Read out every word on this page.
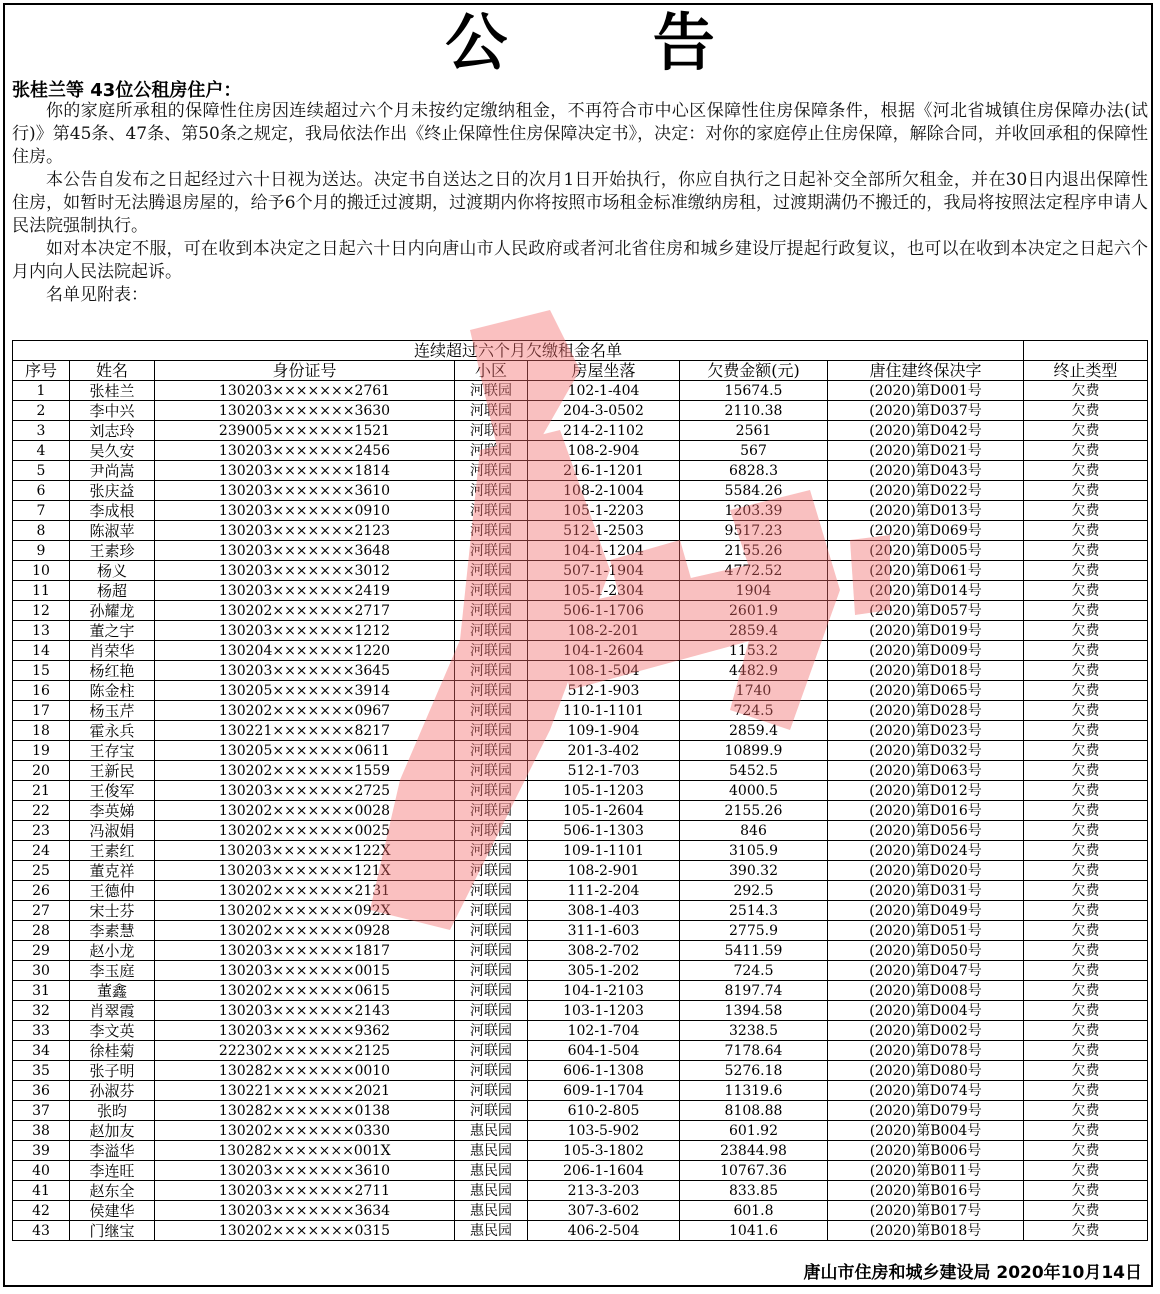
公 告
张桂兰等 43位公租房住户：

你的家庭所承租的保障性住房因连续超过六个月未按约定缴纳租金，不再符合市中心区保障性住房保障条件，根据《河北省城镇住房保障办法(试行)》第45条、47条、第50条之规定，我局依法作出《终止保障性住房保障决定书》，决定：对你的家庭停止住房保障，解除合同，并收回承租的保障性住房。

本公告自发布之日起经过六十日视为送达。决定书自送达之日的次月1日开始执行，你应自执行之日起补交全部所欠租金，并在30日内退出保障性住房，如暂时无法腾退房屋的，给予6个月的搬迁过渡期，过渡期内你将按照市场租金标准缴纳房租，过渡期满仍不搬迁的，我局将按照法定程序申请人民法院强制执行。

如对本决定不服，可在收到本决定之日起六十日内向唐山市人民政府或者河北省住房和城乡建设厅提起行政复议，也可以在收到本决定之日起六个月内向人民法院起诉。

名单见附表：

连续超过六个月欠缴租金名单							
序号	姓名	身份证号	小区	房屋坐落	欠费金额(元)	唐住建终保决字	终止类型
1	张桂兰	130203×××××××2761	河联园	102-1-404	15674.5	(2020)第D001号	欠费
2	李中兴	130203×××××××3630	河联园	204-3-0502	2110.38	(2020)第D037号	欠费
3	刘志玲	239005×××××××1521	河联园	214-2-1102	2561	(2020)第D042号	欠费
4	吴久安	130203×××××××2456	河联园	108-2-904	567	(2020)第D021号	欠费
5	尹尚嵩	130203×××××××1814	河联园	216-1-1201	6828.3	(2020)第D043号	欠费
6	张庆益	130203×××××××3610	河联园	108-2-1004	5584.26	(2020)第D022号	欠费
7	李成根	130203×××××××0910	河联园	105-1-2203	1203.39	(2020)第D013号	欠费
8	陈淑苹	130203×××××××2123	河联园	512-1-2503	9517.23	(2020)第D069号	欠费
9	王素珍	130203×××××××3648	河联园	104-1-1204	2155.26	(2020)第D005号	欠费
10	杨义	130203×××××××3012	河联园	507-1-1904	4772.52	(2020)第D061号	欠费
11	杨超	130203×××××××2419	河联园	105-1-2304	1904	(2020)第D014号	欠费
12	孙耀龙	130202×××××××2717	河联园	506-1-1706	2601.9	(2020)第D057号	欠费
13	董之宇	130203×××××××1212	河联园	108-2-201	2859.4	(2020)第D019号	欠费
14	肖荣华	130204×××××××1220	河联园	104-1-2604	1153.2	(2020)第D009号	欠费
15	杨红艳	130203×××××××3645	河联园	108-1-504	4482.9	(2020)第D018号	欠费
16	陈金柱	130205×××××××3914	河联园	512-1-903	1740	(2020)第D065号	欠费
17	杨玉芹	130202×××××××0967	河联园	110-1-1101	724.5	(2020)第D028号	欠费
18	霍永兵	130221×××××××8217	河联园	109-1-904	2859.4	(2020)第D023号	欠费
19	王存宝	130205×××××××0611	河联园	201-3-402	10899.9	(2020)第D032号	欠费
20	王新民	130202×××××××1559	河联园	512-1-703	5452.5	(2020)第D063号	欠费
21	王俊军	130203×××××××2725	河联园	105-1-1203	4000.5	(2020)第D012号	欠费
22	李英娣	130202×××××××0028	河联园	105-1-2604	2155.26	(2020)第D016号	欠费
23	冯淑娟	130202×××××××0025	河联园	506-1-1303	846	(2020)第D056号	欠费
24	王素红	130203×××××××122X	河联园	109-1-1101	3105.9	(2020)第D024号	欠费
25	董克祥	130203×××××××121X	河联园	108-2-901	390.32	(2020)第D020号	欠费
26	王德仲	130202×××××××2131	河联园	111-2-204	292.5	(2020)第D031号	欠费
27	宋士芬	130202×××××××092X	河联园	308-1-403	2514.3	(2020)第D049号	欠费
28	李素慧	130202×××××××0928	河联园	311-1-603	2775.9	(2020)第D051号	欠费
29	赵小龙	130203×××××××1817	河联园	308-2-702	5411.59	(2020)第D050号	欠费
30	李玉庭	130203×××××××0015	河联园	305-1-202	724.5	(2020)第D047号	欠费
31	董鑫	130202×××××××0615	河联园	104-1-2103	8197.74	(2020)第D008号	欠费
32	肖翠霞	130203×××××××2143	河联园	103-1-1203	1394.58	(2020)第D004号	欠费
33	李文英	130203×××××××9362	河联园	102-1-704	3238.5	(2020)第D002号	欠费
34	徐桂菊	222302×××××××2125	河联园	604-1-504	7178.64	(2020)第D078号	欠费
35	张子明	130282×××××××0010	河联园	606-1-1308	5276.18	(2020)第D080号	欠费
36	孙淑芬	130221×××××××2021	河联园	609-1-1704	11319.6	(2020)第D074号	欠费
37	张昀	130282×××××××0138	河联园	610-2-805	8108.88	(2020)第D079号	欠费
38	赵加友	130202×××××××0330	惠民园	103-5-902	601.92	(2020)第B004号	欠费
39	李溢华	130282×××××××001X	惠民园	105-3-1802	23844.98	(2020)第B006号	欠费
40	李连旺	130203×××××××3610	惠民园	206-1-1604	10767.36	(2020)第B011号	欠费
41	赵东全	130203×××××××2711	惠民园	213-3-203	833.85	(2020)第B016号	欠费
42	侯建华	130203×××××××3634	惠民园	307-3-602	601.8	(2020)第B017号	欠费
43	门继宝	130202×××××××0315	惠民园	406-2-504	1041.6	(2020)第B018号	欠费
唐山市住房和城乡建设局 2020年10月14日
